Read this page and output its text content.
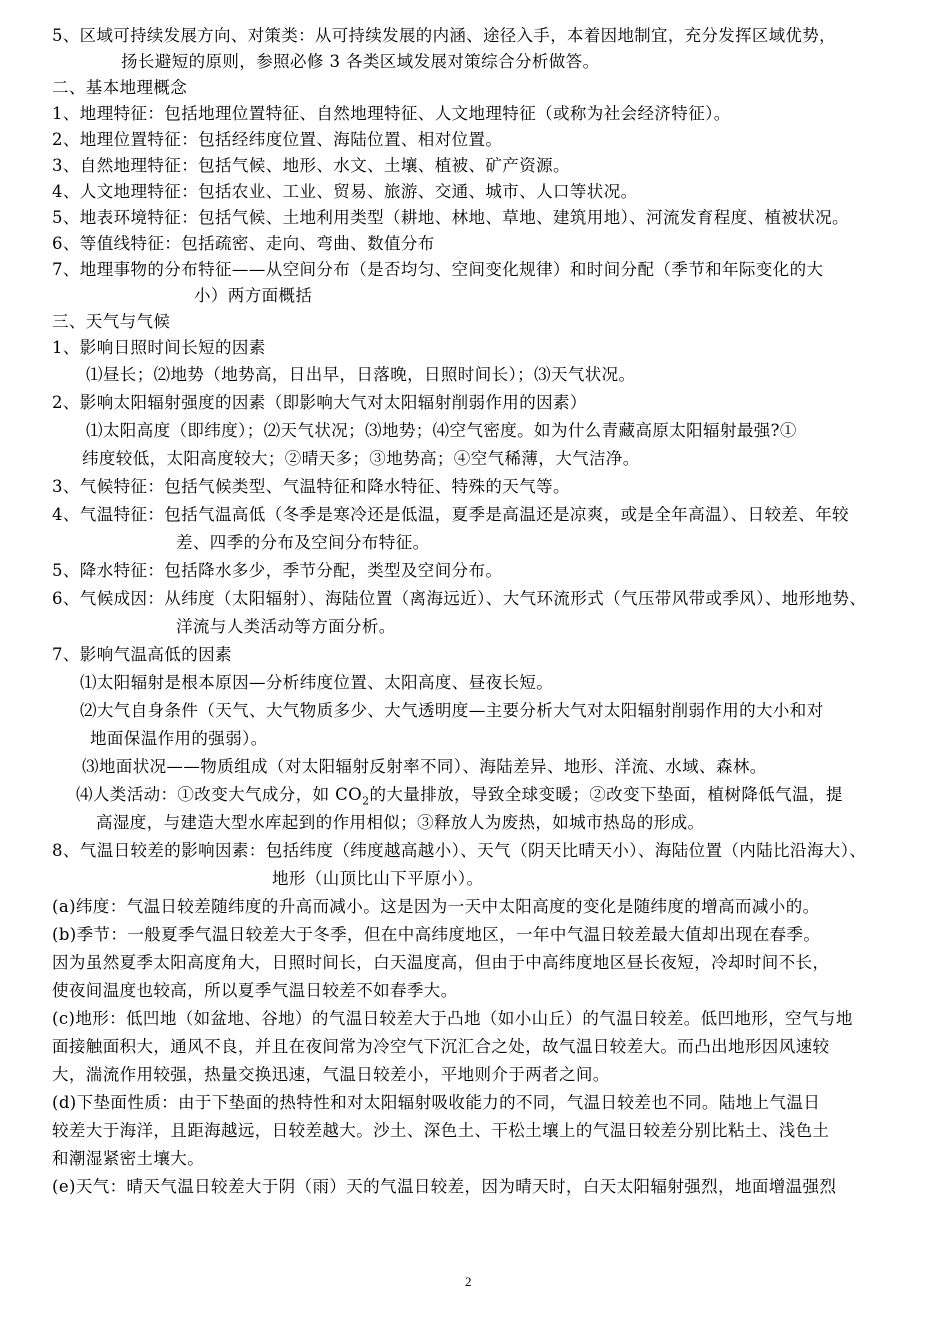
5、区域可持续发展方向、对策类：从可持续发展的内涵、途径入手，本着因地制宜，充分发挥区域优势，
扬长避短的原则，参照必修 3 各类区域发展对策综合分析做答。
二、基本地理概念
1、地理特征：包括地理位置特征、自然地理特征、人文地理特征（或称为社会经济特征）。
2、地理位置特征：包括经纬度位置、海陆位置、相对位置。
3、自然地理特征：包括气候、地形、水文、土壤、植被、矿产资源。
4、人文地理特征：包括农业、工业、贸易、旅游、交通、城市、人口等状况。
5、地表环境特征：包括气候、土地利用类型（耕地、林地、草地、建筑用地）、河流发育程度、植被状况。
6、等值线特征：包括疏密、走向、弯曲、数值分布
7、地理事物的分布特征——从空间分布（是否均匀、空间变化规律）和时间分配（季节和年际变化的大
小）两方面概括
三、天气与气候
1、影响日照时间长短的因素
⑴昼长；⑵地势（地势高，日出早，日落晚，日照时间长）；⑶天气状况。
2、影响太阳辐射强度的因素（即影响大气对太阳辐射削弱作用的因素）
⑴太阳高度（即纬度）；⑵天气状况；⑶地势；⑷空气密度。如为什么青藏高原太阳辐射最强?①
纬度较低，太阳高度较大；②晴天多；③地势高；④空气稀薄，大气洁净。
3、气候特征：包括气候类型、气温特征和降水特征、特殊的天气等。
4、气温特征：包括气温高低（冬季是寒冷还是低温，夏季是高温还是凉爽，或是全年高温）、日较差、年较
差、四季的分布及空间分布特征。
5、降水特征：包括降水多少，季节分配，类型及空间分布。
6、气候成因：从纬度（太阳辐射）、海陆位置（离海远近）、大气环流形式（气压带风带或季风）、地形地势、
洋流与人类活动等方面分析。
7、影响气温高低的因素
⑴太阳辐射是根本原因—分析纬度位置、太阳高度、昼夜长短。
⑵大气自身条件（天气、大气物质多少、大气透明度—主要分析大气对太阳辐射削弱作用的大小和对
地面保温作用的强弱）。
⑶地面状况——物质组成（对太阳辐射反射率不同）、海陆差异、地形、洋流、水域、森林。
⑷人类活动：①改变大气成分，如 $CO_2$的大量排放，导致全球变暖；②改变下垫面，植树降低气温，提
高湿度，与建造大型水库起到的作用相似；③释放人为废热，如城市热岛的形成。
8、气温日较差的影响因素：包括纬度（纬度越高越小）、天气（阴天比晴天小）、海陆位置（内陆比沿海大）、
地形（山顶比山下平原小）。
(a)纬度：气温日较差随纬度的升高而减小。这是因为一天中太阳高度的变化是随纬度的增高而减小的。
(b)季节：一般夏季气温日较差大于冬季，但在中高纬度地区，一年中气温日较差最大值却出现在春季。
因为虽然夏季太阳高度角大，日照时间长，白天温度高，但由于中高纬度地区昼长夜短，冷却时间不长，
使夜间温度也较高，所以夏季气温日较差不如春季大。
(c)地形：低凹地（如盆地、谷地）的气温日较差大于凸地（如小山丘）的气温日较差。低凹地形，空气与地
面接触面积大，通风不良，并且在夜间常为冷空气下沉汇合之处，故气温日较差大。而凸出地形因风速较
大，湍流作用较强，热量交换迅速，气温日较差小，平地则介于两者之间。
(d)下垫面性质：由于下垫面的热特性和对太阳辐射吸收能力的不同，气温日较差也不同。陆地上气温日
较差大于海洋，且距海越远，日较差越大。沙土、深色土、干松土壤上的气温日较差分别比粘土、浅色土
和潮湿紧密土壤大。
(e)天气：晴天气温日较差大于阴（雨）天的气温日较差，因为晴天时，白天太阳辐射强烈，地面增温强烈
2
